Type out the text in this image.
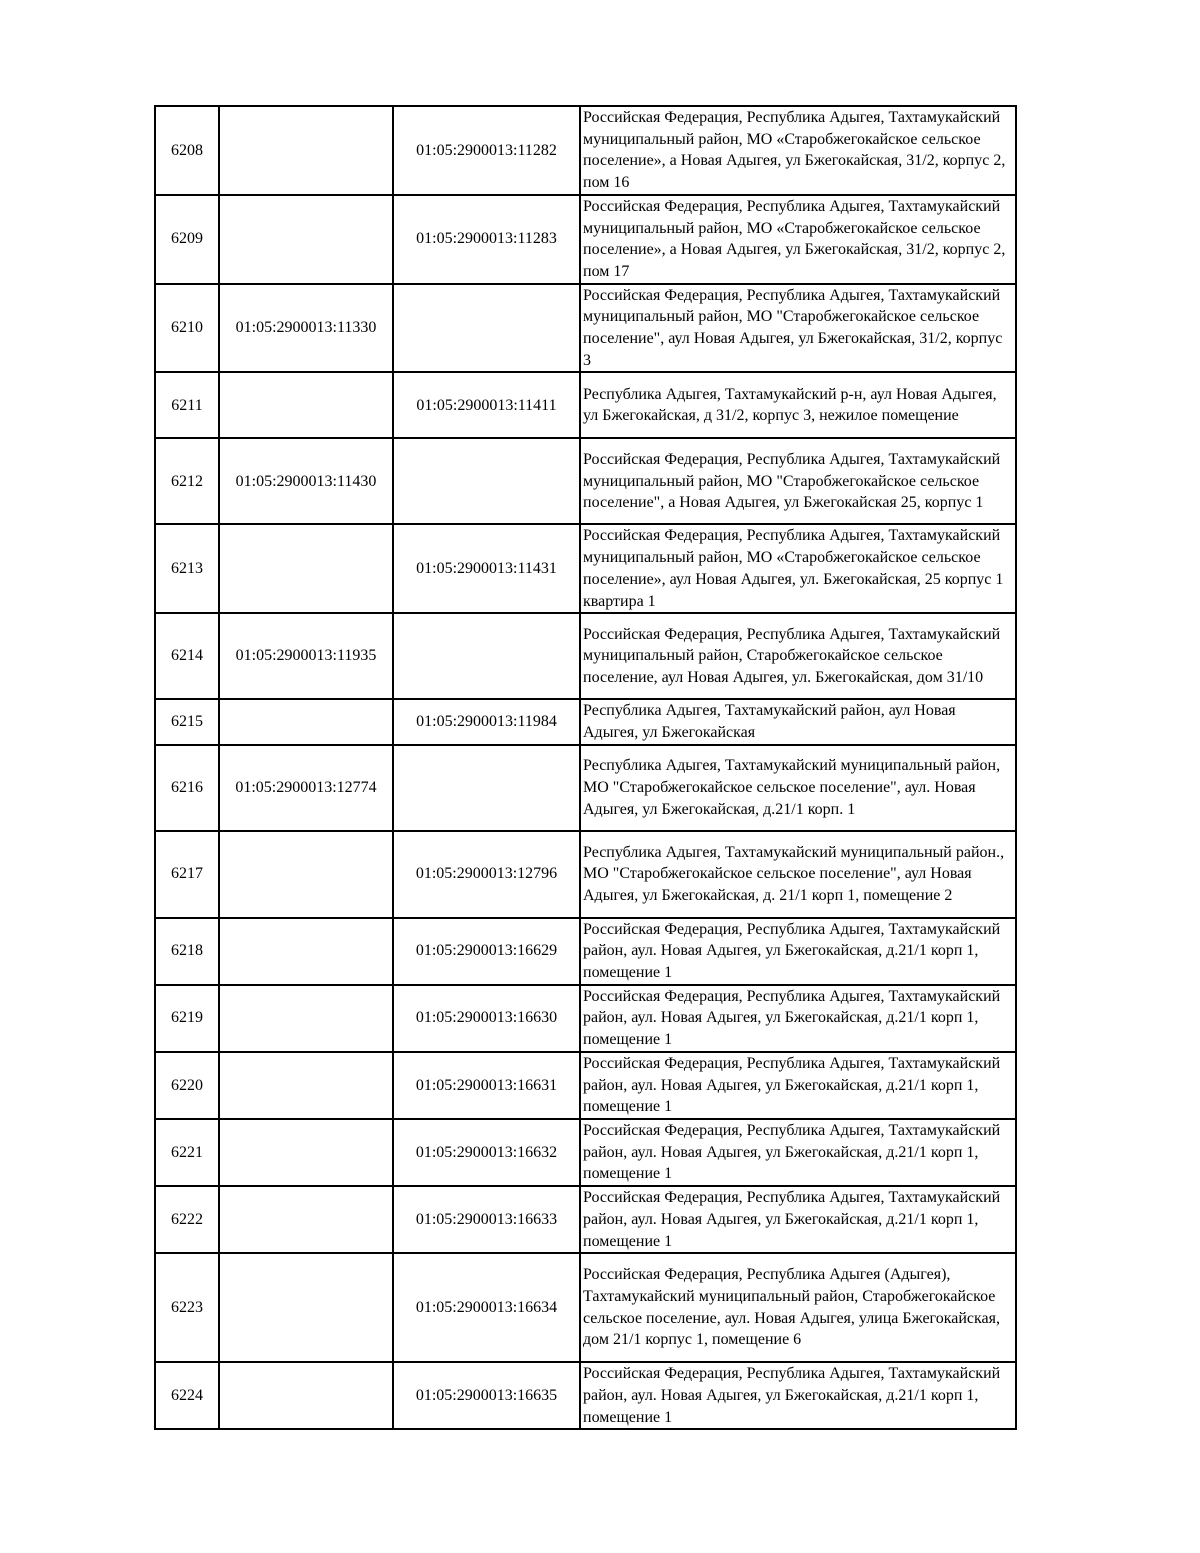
6208		01:05:2900013:11282	Российская Федерация, Республика Адыгея, Тахтамукайский муниципальный район, МО «Старобжегокайское сельское поселение», а Новая Адыгея, ул Бжегокайская, 31/2, корпус 2, пом 16
6209		01:05:2900013:11283	Российская Федерация, Республика Адыгея, Тахтамукайский муниципальный район, МО «Старобжегокайское сельское поселение», а Новая Адыгея, ул Бжегокайская, 31/2, корпус 2, пом 17
6210	01:05:2900013:11330		Российская Федерация, Республика Адыгея, Тахтамукайский муниципальный район, МО "Старобжегокайское сельское поселение", аул Новая Адыгея, ул Бжегокайская, 31/2, корпус 3
6211		01:05:2900013:11411	Республика Адыгея, Тахтамукайский р-н, аул Новая Адыгея, ул Бжегокайская, д 31/2, корпус 3, нежилое помещение
6212	01:05:2900013:11430		Российская Федерация, Республика Адыгея, Тахтамукайский муниципальный район, МО "Старобжегокайское сельское поселение", а Новая Адыгея, ул Бжегокайская 25, корпус 1
6213		01:05:2900013:11431	Российская Федерация, Республика Адыгея, Тахтамукайский муниципальный район, МО «Старобжегокайское сельское поселение», аул Новая Адыгея, ул. Бжегокайская, 25 корпус 1 квартира 1
6214	01:05:2900013:11935		Российская Федерация, Республика Адыгея, Тахтамукайский муниципальный район, Старобжегокайское сельское поселение, аул Новая Адыгея, ул. Бжегокайская, дом 31/10
6215		01:05:2900013:11984	Республика Адыгея, Тахтамукайский район, аул Новая Адыгея, ул Бжегокайская
6216	01:05:2900013:12774		Республика Адыгея, Тахтамукайский муниципальный район, МО "Старобжегокайское сельское поселение", аул. Новая Адыгея, ул Бжегокайская, д.21/1 корп. 1
6217		01:05:2900013:12796	Республика Адыгея, Тахтамукайский муниципальный район., МО "Старобжегокайское сельское поселение", аул Новая Адыгея, ул Бжегокайская, д. 21/1 корп 1, помещение 2
6218		01:05:2900013:16629	Российская Федерация, Республика Адыгея, Тахтамукайский район, аул. Новая Адыгея, ул Бжегокайская, д.21/1 корп 1, помещение 1
6219		01:05:2900013:16630	Российская Федерация, Республика Адыгея, Тахтамукайский район, аул. Новая Адыгея, ул Бжегокайская, д.21/1 корп 1, помещение 1
6220		01:05:2900013:16631	Российская Федерация, Республика Адыгея, Тахтамукайский район, аул. Новая Адыгея, ул Бжегокайская, д.21/1 корп 1, помещение 1
6221		01:05:2900013:16632	Российская Федерация, Республика Адыгея, Тахтамукайский район, аул. Новая Адыгея, ул Бжегокайская, д.21/1 корп 1, помещение 1
6222		01:05:2900013:16633	Российская Федерация, Республика Адыгея, Тахтамукайский район, аул. Новая Адыгея, ул Бжегокайская, д.21/1 корп 1, помещение 1
6223		01:05:2900013:16634	Российская Федерация, Республика Адыгея (Адыгея), Тахтамукайский муниципальный район, Старобжегокайское сельское поселение, аул. Новая Адыгея, улица Бжегокайская, дом 21/1 корпус 1, помещение 6
6224		01:05:2900013:16635	Российская Федерация, Республика Адыгея, Тахтамукайский район, аул. Новая Адыгея, ул Бжегокайская, д.21/1 корп 1, помещение 1
